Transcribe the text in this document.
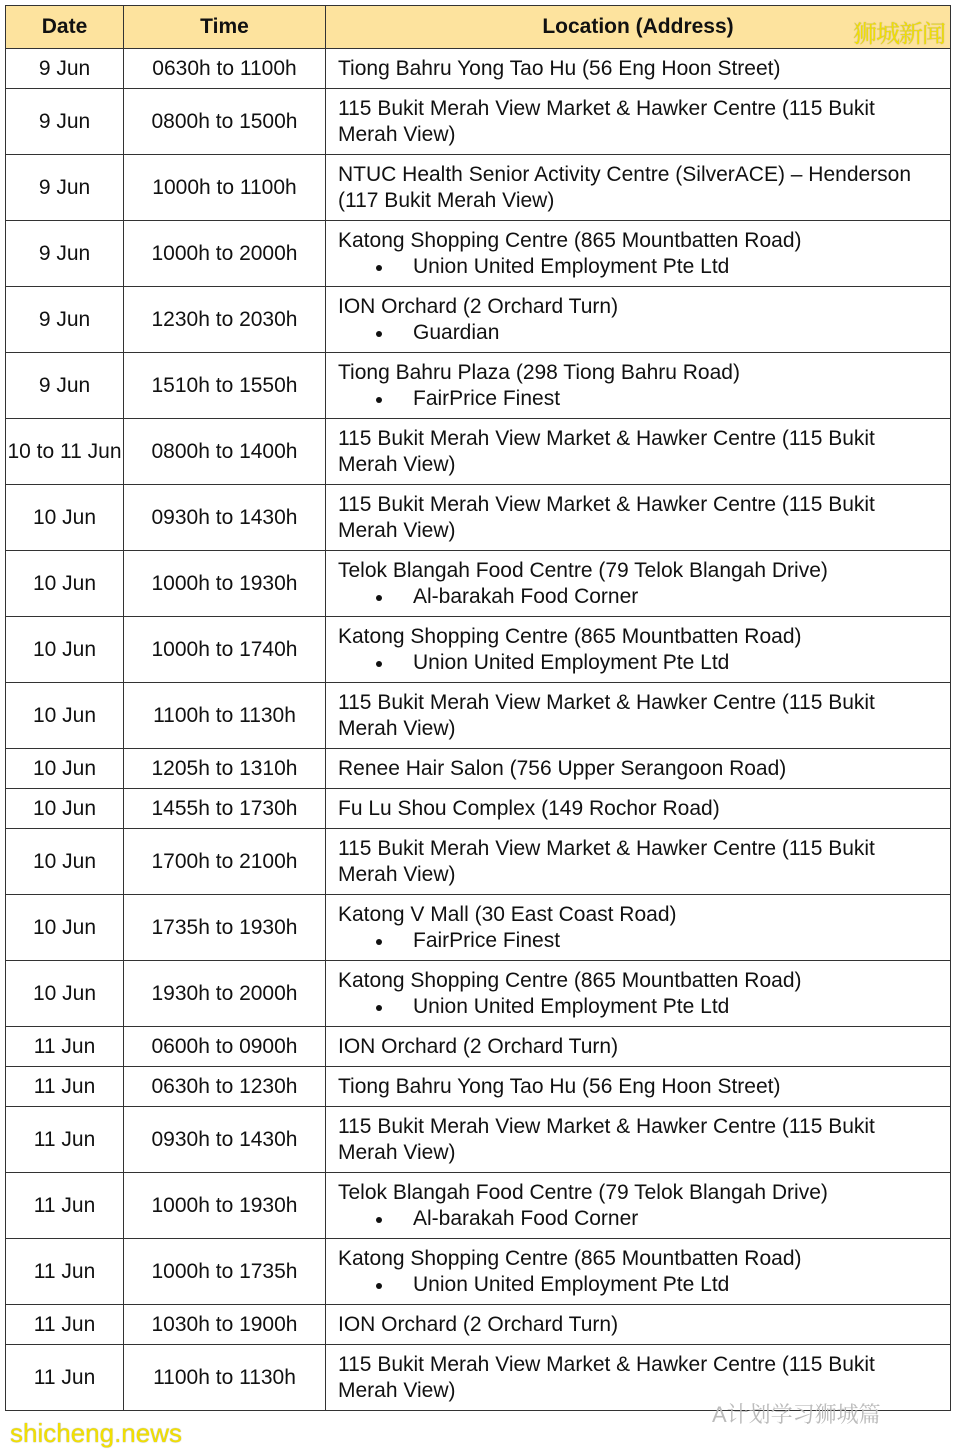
Date	Time	Location (Address)
9 Jun	0630h to 1100h	Tiong Bahru Yong Tao Hu (56 Eng Hoon Street)
9 Jun	0800h to 1500h	115 Bukit Merah View Market & Hawker Centre (115 Bukit Merah View)
9 Jun	1000h to 1100h	NTUC Health Senior Activity Centre (SilverACE) – Henderson (117 Bukit Merah View)
9 Jun	1000h to 2000h	Katong Shopping Centre (865 Mountbatten Road)
Union United Employment Pte Ltd

9 Jun	1230h to 2030h	ION Orchard (2 Orchard Turn)
Guardian

9 Jun	1510h to 1550h	Tiong Bahru Plaza (298 Tiong Bahru Road)
FairPrice Finest

10 to 11 Jun	0800h to 1400h	115 Bukit Merah View Market & Hawker Centre (115 Bukit Merah View)
10 Jun	0930h to 1430h	115 Bukit Merah View Market & Hawker Centre (115 Bukit Merah View)
10 Jun	1000h to 1930h	Telok Blangah Food Centre (79 Telok Blangah Drive)
Al-barakah Food Corner

10 Jun	1000h to 1740h	Katong Shopping Centre (865 Mountbatten Road)
Union United Employment Pte Ltd

10 Jun	1100h to 1130h	115 Bukit Merah View Market & Hawker Centre (115 Bukit Merah View)
10 Jun	1205h to 1310h	Renee Hair Salon (756 Upper Serangoon Road)
10 Jun	1455h to 1730h	Fu Lu Shou Complex (149 Rochor Road)
10 Jun	1700h to 2100h	115 Bukit Merah View Market & Hawker Centre (115 Bukit Merah View)
10 Jun	1735h to 1930h	Katong V Mall (30 East Coast Road)
FairPrice Finest

10 Jun	1930h to 2000h	Katong Shopping Centre (865 Mountbatten Road)
Union United Employment Pte Ltd

11 Jun	0600h to 0900h	ION Orchard (2 Orchard Turn)
11 Jun	0630h to 1230h	Tiong Bahru Yong Tao Hu (56 Eng Hoon Street)
11 Jun	0930h to 1430h	115 Bukit Merah View Market & Hawker Centre (115 Bukit Merah View)
11 Jun	1000h to 1930h	Telok Blangah Food Centre (79 Telok Blangah Drive)
Al-barakah Food Corner

11 Jun	1000h to 1735h	Katong Shopping Centre (865 Mountbatten Road)
Union United Employment Pte Ltd

11 Jun	1030h to 1900h	ION Orchard (2 Orchard Turn)
11 Jun	1100h to 1130h	115 Bukit Merah View Market & Hawker Centre (115 Bukit Merah View)
狮城新闻
shicheng.news
A计划学习狮城篇
